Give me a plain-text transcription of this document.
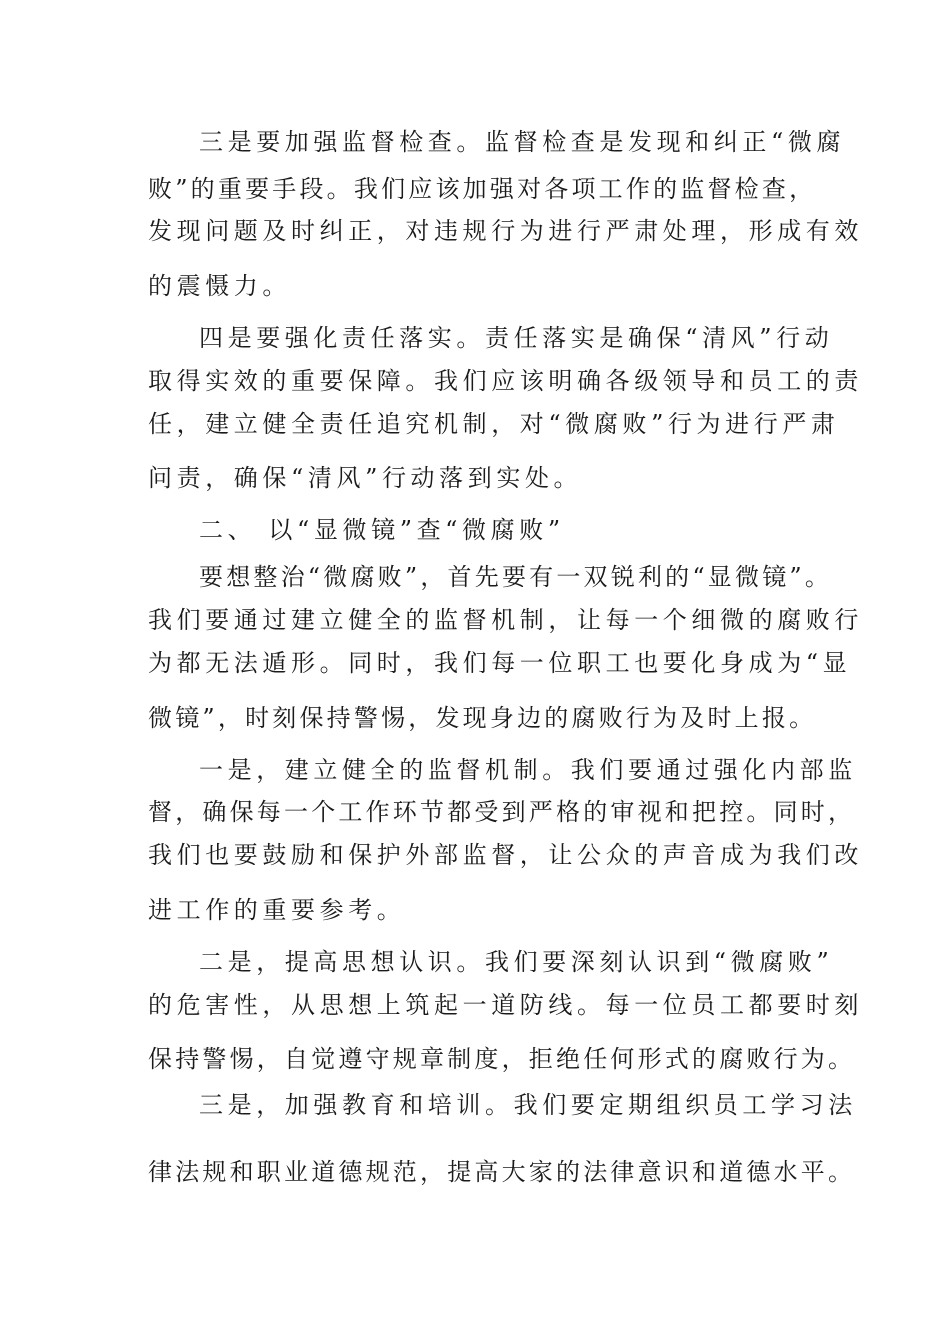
三是要加强监督检查。监督检查是发现和纠正“微腐
败”的重要手段。我们应该加强对各项工作的监督检查，
发现问题及时纠正，对违规行为进行严肃处理，形成有效
的震慑力。
四是要强化责任落实。责任落实是确保“清风”行动
取得实效的重要保障。我们应该明确各级领导和员工的责
任，建立健全责任追究机制，对“微腐败”行为进行严肃
问责，确保“清风”行动落到实处。
二、 以“显微镜”查“微腐败”
要想整治“微腐败”，首先要有一双锐利的“显微镜”。
我们要通过建立健全的监督机制，让每一个细微的腐败行
为都无法遁形。同时，我们每一位职工也要化身成为“显
微镜”，时刻保持警惕，发现身边的腐败行为及时上报。
一是，建立健全的监督机制。我们要通过强化内部监
督，确保每一个工作环节都受到严格的审视和把控。同时，
我们也要鼓励和保护外部监督，让公众的声音成为我们改
进工作的重要参考。
二是，提高思想认识。我们要深刻认识到“微腐败”
的危害性，从思想上筑起一道防线。每一位员工都要时刻
保持警惕，自觉遵守规章制度，拒绝任何形式的腐败行为。
三是，加强教育和培训。我们要定期组织员工学习法
律法规和职业道德规范，提高大家的法律意识和道德水平。
